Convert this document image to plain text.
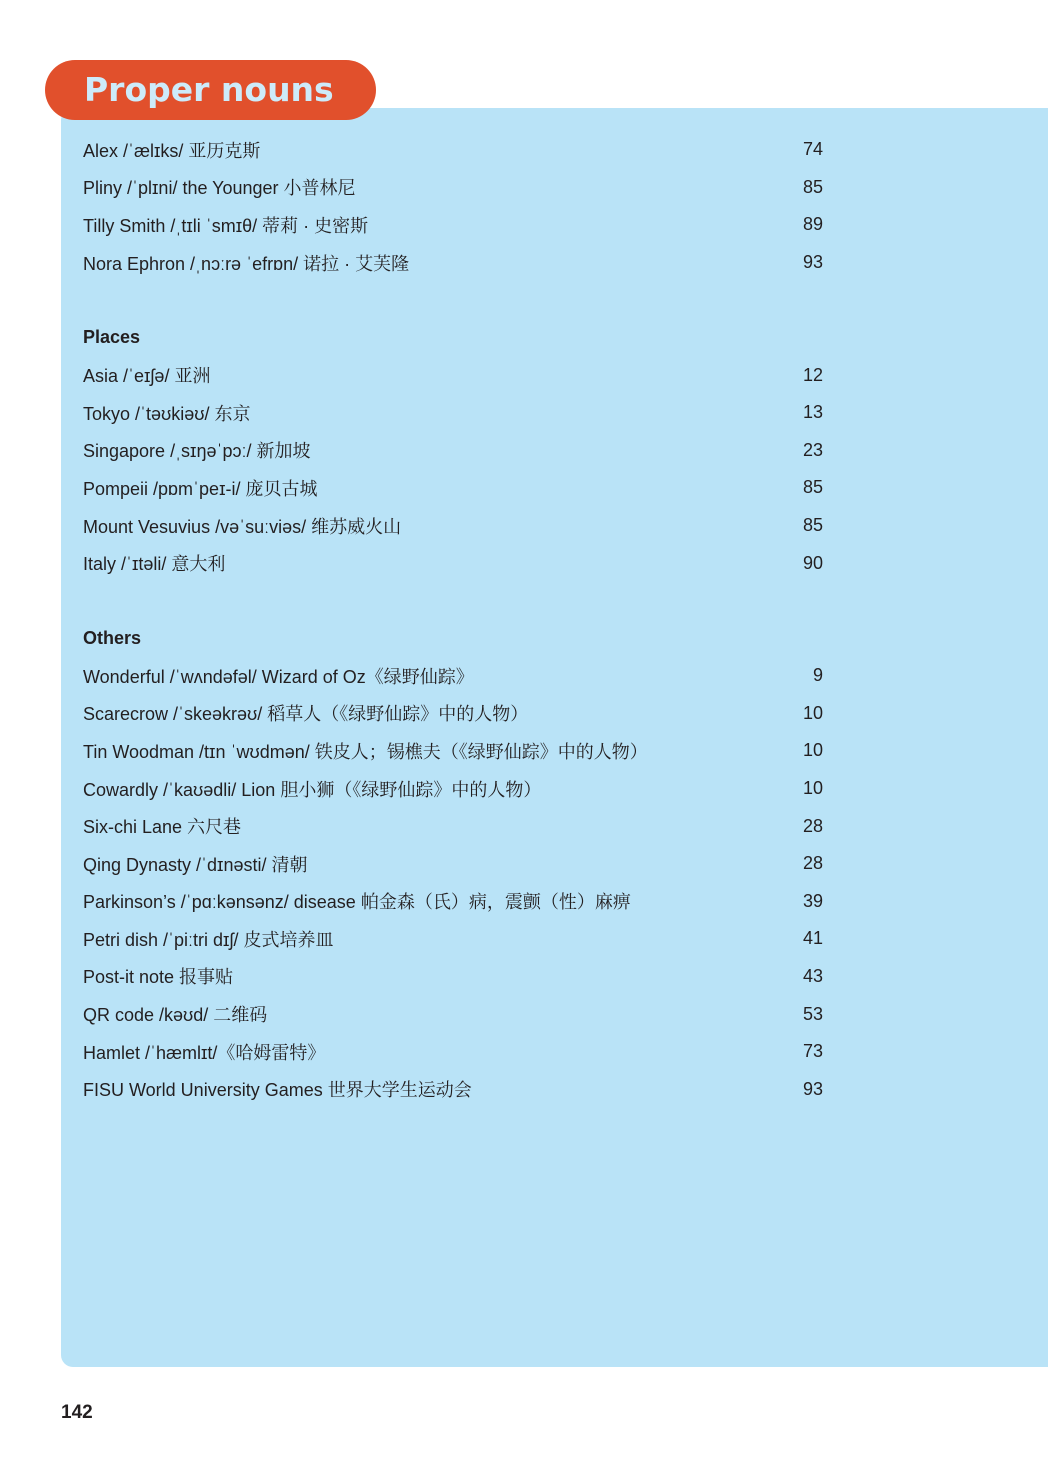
Proper nouns
Alex /ˈælɪks/ 亚历克斯	74
Pliny /ˈplɪni/ the Younger 小普林尼	85
Tilly Smith /ˌtɪli ˈsmɪθ/ 蒂莉 · 史密斯	89
Nora Ephron /ˌnɔːrə ˈefrɒn/ 诺拉 · 艾芙隆	93
Places
Asia /ˈeɪʃə/ 亚洲	12
Tokyo /ˈtəʊkiəʊ/ 东京	13
Singapore /ˌsɪŋəˈpɔː/ 新加坡	23
Pompeii /pɒmˈpeɪ-i/ 庞贝古城	85
Mount Vesuvius /vəˈsuːviəs/ 维苏威火山	85
Italy /ˈɪtəli/ 意大利	90
Others
Wonderful /ˈwʌndəfəl/ Wizard of Oz《绿野仙踪》	9
Scarecrow /ˈskeəkrəʊ/ 稻草人（《绿野仙踪》中的人物）	10
Tin Woodman /tɪn ˈwʊdmən/ 铁皮人；锡樵夫（《绿野仙踪》中的人物）	10
Cowardly /ˈkaʊədli/ Lion 胆小狮（《绿野仙踪》中的人物）	10
Six-chi Lane 六尺巷	28
Qing Dynasty /ˈdɪnəsti/ 清朝	28
Parkinson’s /ˈpɑːkənsənz/ disease 帕金森（氏）病，震颤（性）麻痹	39
Petri dish /ˈpiːtri dɪʃ/ 皮式培养皿	41
Post-it note 报事贴	43
QR code /kəʊd/ 二维码	53
Hamlet /ˈhæmlɪt/《哈姆雷特》	73
FISU World University Games 世界大学生运动会	93
142
